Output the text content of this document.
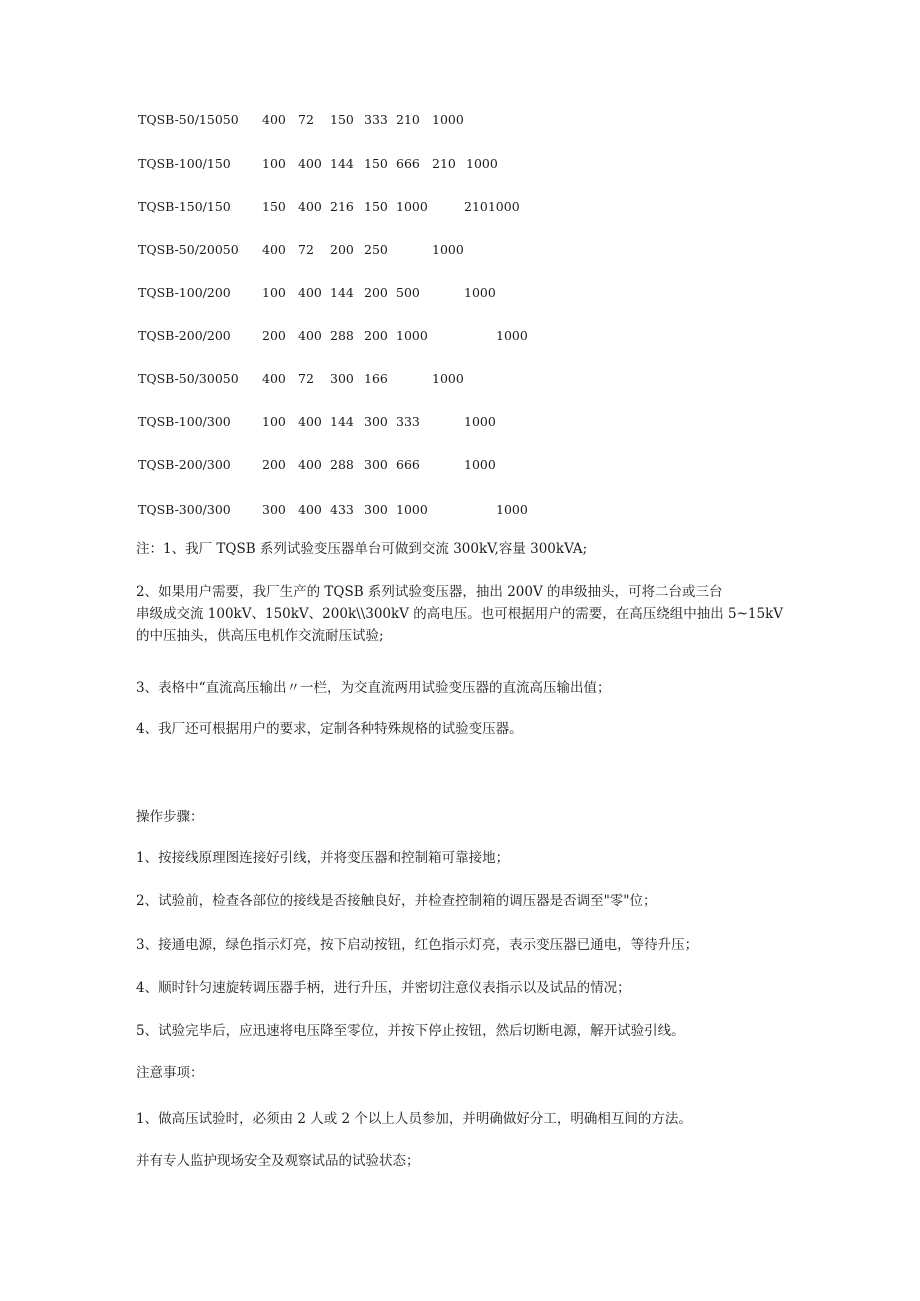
TQSB-50/15050 400 72 150 333 210 1000
TQSB-100/150	100 400 144 150 666 210 1000
TQSB-150/150	150 400 216 150 1000	2101000
TQSB-50/20050 400 72 200 250	1000
TQSB-100/200	100 400 144 200 500	1000
TQSB-200/200	200 400 288 200 1000	1000
TQSB-50/30050 400 72 300 166	1000
TQSB-100/300	100 400 144 300 333	1000
TQSB-200/300	200 400 288 300 666	1000
TQSB-300/300	300 400 433 300 1000	1000
注：1、我厂 TQSB 系列试验变压器单台可做到交流 300kV,容量 300kVA;
2、如果用户需要，我厂生产的 TQSB 系列试验变压器，抽出 200V 的串级抽头，可将二台或三台
串级成交流 100kV、150kV、200k\\300kV 的高电压。也可根据用户的需要，在高压绕组中抽出 5~15kV
的中压抽头，供高压电机作交流耐压试验;
3、表格中“直流高压输出〃一栏，为交直流两用试验变压器的直流高压输出值；
4、我厂还可根据用户的要求，定制各种特殊规格的试验变压器。
操作步骤：
1、按接线原理图连接好引线，并将变压器和控制箱可靠接地；
2、试验前，检查各部位的接线是否接触良好，并检查控制箱的调压器是否调至"零"位；
3、接通电源，绿色指示灯亮，按下启动按钮，红色指示灯亮，表示变压器已通电，等待升压；
4、顺时针匀速旋转调压器手柄，进行升压，并密切注意仪表指示以及试品的情况；
5、试验完毕后，应迅速将电压降至零位，并按下停止按钮，然后切断电源，解开试验引线。
注意事项：
1、做高压试验时，必须由 2 人或 2 个以上人员参加，并明确做好分工，明确相互间的方法。
并有专人监护现场安全及观察试品的试验状态；
